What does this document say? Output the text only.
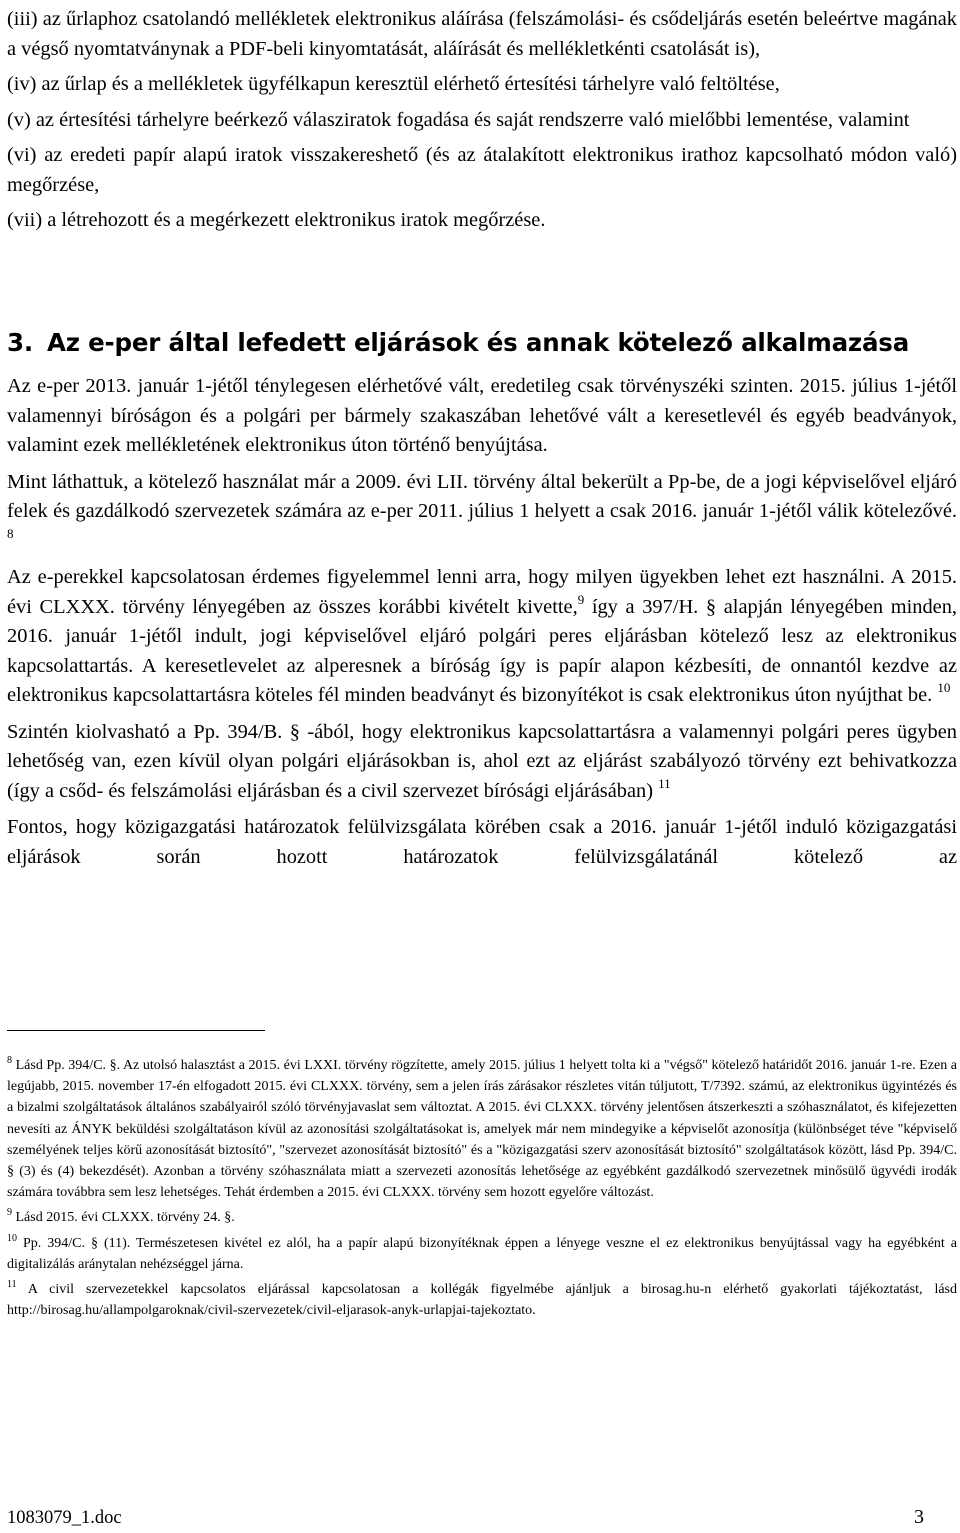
(iii) az űrlaphoz csatolandó mellékletek elektronikus aláírása (felszámolási- és csődeljárás esetén beleértve magának a végső nyomtatványnak a PDF-beli kinyomtatását, aláírását és mellékletkénti csatolását is),

(iv) az űrlap és a mellékletek ügyfélkapun keresztül elérhető értesítési tárhelyre való feltöltése,

(v) az értesítési tárhelyre beérkező válasziratok fogadása és saját rendszerre való mielőbbi lementése, valamint

(vi) az eredeti papír alapú iratok visszakereshető (és az átalakított elektronikus irathoz kapcsolható módon való) megőrzése,

(vii) a létrehozott és a megérkezett elektronikus iratok megőrzése.

3. Az e-per által lefedett eljárások és annak kötelező alkalmazása

Az e-per 2013. január 1-jétől ténylegesen elérhetővé vált, eredetileg csak törvényszéki szinten. 2015. július 1-jétől valamennyi bíróságon és a polgári per bármely szakaszában lehetővé vált a keresetlevél és egyéb beadványok, valamint ezek mellékletének elektronikus úton történő benyújtása.

Mint láthattuk, a kötelező használat már a 2009. évi LII. törvény által bekerült a Pp-be, de a jogi képviselővel eljáró felek és gazdálkodó szervezetek számára az e-per 2011. július 1 helyett a csak 2016. január 1-jétől válik kötelezővé. $^8$

Az e-perekkel kapcsolatosan érdemes figyelemmel lenni arra, hogy milyen ügyekben lehet ezt használni. A 2015. évi CLXXX. törvény lényegében az összes korábbi kivételt kivette,$^9$ így a 397/H. § alapján lényegében minden, 2016. január 1-jétől indult, jogi képviselővel eljáró polgári peres eljárásban kötelező lesz az elektronikus kapcsolattartás. A keresetlevelet az alperesnek a bíróság így is papír alapon kézbesíti, de onnantól kezdve az elektronikus kapcsolattartásra köteles fél minden beadványt és bizonyítékot is csak elektronikus úton nyújthat be. $^{10}$

Szintén kiolvasható a Pp. 394/B. § -ából, hogy elektronikus kapcsolattartásra a valamennyi polgári peres ügyben lehetőség van, ezen kívül olyan polgári eljárásokban is, ahol ezt az eljárást szabályozó törvény ezt behivatkozza (így a csőd- és felszámolási eljárásban és a civil szervezet bírósági eljárásában) $^{11}$

Fontos, hogy közigazgatási határozatok felülvizsgálata körében csak a 2016. január 1-jétől induló közigazgatási eljárások során hozott határozatok felülvizsgálatánál kötelező az

$^8$ Lásd Pp. 394/C. §. Az utolsó halasztást a 2015. évi LXXI. törvény rögzítette, amely 2015. július 1 helyett tolta ki a "végső" kötelező határidőt 2016. január 1-re. Ezen a legújabb, 2015. november 17-én elfogadott 2015. évi CLXXX. törvény, sem a jelen írás zárásakor részletes vitán túljutott, T/7392. számú, az elektronikus ügyintézés és a bizalmi szolgáltatások általános szabályairól szóló törvényjavaslat sem változtat. A 2015. évi CLXXX. törvény jelentősen átszerkeszti a szóhasználatot, és kifejezetten nevesíti az ÁNYK beküldési szolgáltatáson kívül az azonosítási szolgáltatásokat is, amelyek már nem mindegyike a képviselőt azonosítja (különbséget téve "képviselő személyének teljes körű azonosítását biztosító", "szervezet azonosítását biztosító" és a "közigazgatási szerv azonosítását biztosító" szolgáltatások között, lásd Pp. 394/C. § (3) és (4) bekezdését). Azonban a törvény szóhasználata miatt a szervezeti azonosítás lehetősége az egyébként gazdálkodó szervezetnek minősülő ügyvédi irodák számára továbbra sem lesz lehetséges. Tehát érdemben a 2015. évi CLXXX. törvény sem hozott egyelőre változást.

$^9$ Lásd 2015. évi CLXXX. törvény 24. §.

$^{10}$ Pp. 394/C. § (11). Természetesen kivétel ez alól, ha a papír alapú bizonyítéknak éppen a lényege veszne el ez elektronikus benyújtással vagy ha egyébként a digitalizálás aránytalan nehézséggel járna.

$^{11}$ A civil szervezetekkel kapcsolatos eljárással kapcsolatosan a kollégák figyelmébe ajánljuk a birosag.hu-n elérhető gyakorlati tájékoztatást, lásd http://birosag.hu/allampolgaroknak/civil-szervezetek/civil-eljarasok-anyk-urlapjai-tajekoztato.

1083079_1.doc	3
